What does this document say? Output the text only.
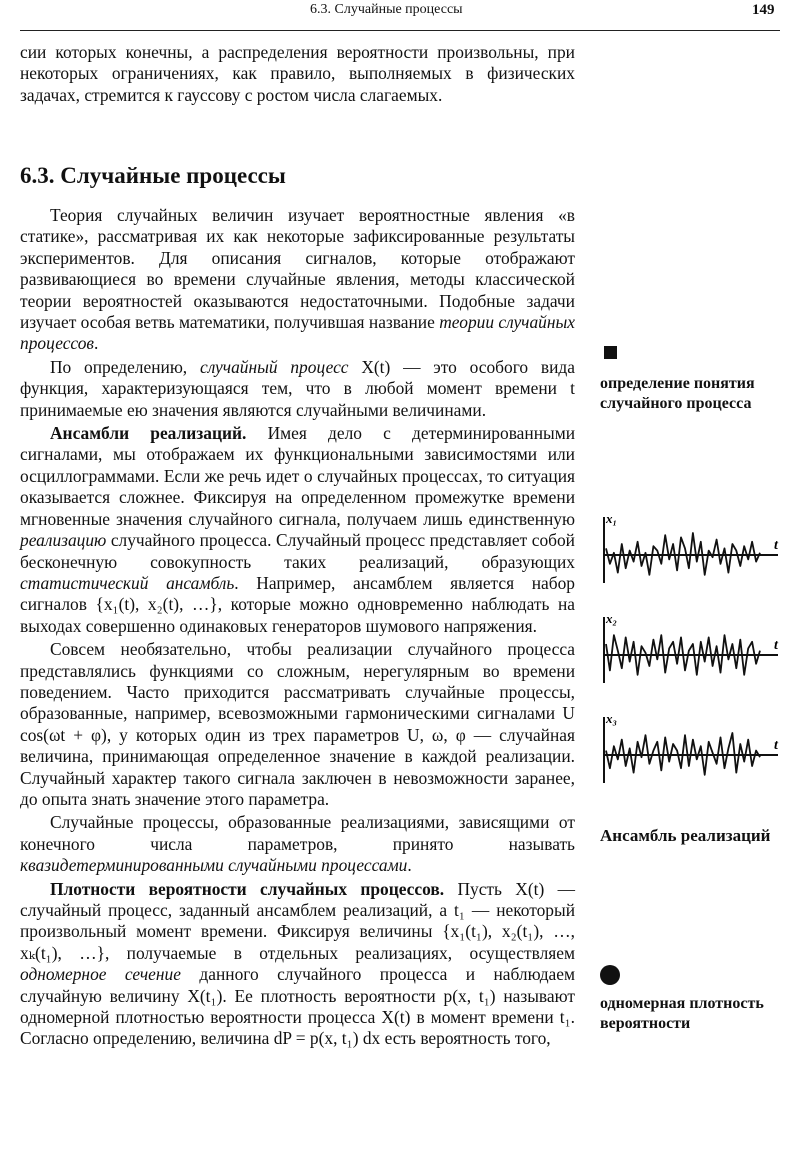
6.3. Случайные процессы	149

сии которых конечны, а распределения вероятности произвольны, при некоторых ограничениях, как правило, выполняемых в физических задачах, стремится к гауссову с ростом числа слагаемых.

6.3. Случайные процессы

Теория случайных величин изучает вероятностные явления «в статике», рассматривая их как некоторые зафиксированные результаты экспериментов. Для описания сигналов, которые отображают развивающиеся во времени случайные явления, методы классической теории вероятностей оказываются недостаточными. Подобные задачи изучает особая ветвь математики, получившая название теории случайных процессов.

По определению, случайный процесс X(t) — это особого вида функция, характеризующаяся тем, что в любой момент времени t принимаемые ею значения являются случайными величинами.

Ансамбли реализаций. Имея дело с детерминированными сигналами, мы отображаем их функциональными зависимостями или осциллограммами. Если же речь идет о случайных процессах, то ситуация оказывается сложнее. Фиксируя на определенном промежутке времени мгновенные значения случайного сигнала, получаем лишь единственную реализацию случайного процесса. Случайный процесс представляет собой бесконечную совокупность таких реализаций, образующих статистический ансамбль. Например, ансамблем является набор сигналов {x₁(t), x₂(t), …}, которые можно одновременно наблюдать на выходах совершенно одинаковых генераторов шумового напряжения.

Совсем необязательно, чтобы реализации случайного процесса представлялись функциями со сложным, нерегулярным во времени поведением. Часто приходится рассматривать случайные процессы, образованные, например, всевозможными гармоническими сигналами U cos(ωt + φ), у которых один из трех параметров U, ω, φ — случайная величина, принимающая определенное значение в каждой реализации. Случайный характер такого сигнала заключен в невозможности заранее, до опыта знать значение этого параметра.

Случайные процессы, образованные реализациями, зависящими от конечного числа параметров, принято называть квазидетерминированными случайными процессами.

Плотности вероятности случайных процессов. Пусть X(t) — случайный процесс, заданный ансамблем реализаций, а t₁ — некоторый произвольный момент времени. Фиксируя величины {x₁(t₁), x₂(t₁), …, xₖ(t₁), …}, получаемые в отдельных реализациях, осуществляем одномерное сечение данного случайного процесса и наблюдаем случайную величину X(t₁). Ее плотность вероятности p(x, t₁) называют одномерной плотностью вероятности процесса X(t) в момент времени t₁. Согласно определению, величина dP = p(x, t₁) dx есть вероятность того,

определение понятия случайного процесса
x₁
t
x₂
t
x₃
t
Ансамбль реализаций
одномерная плотность вероятности
